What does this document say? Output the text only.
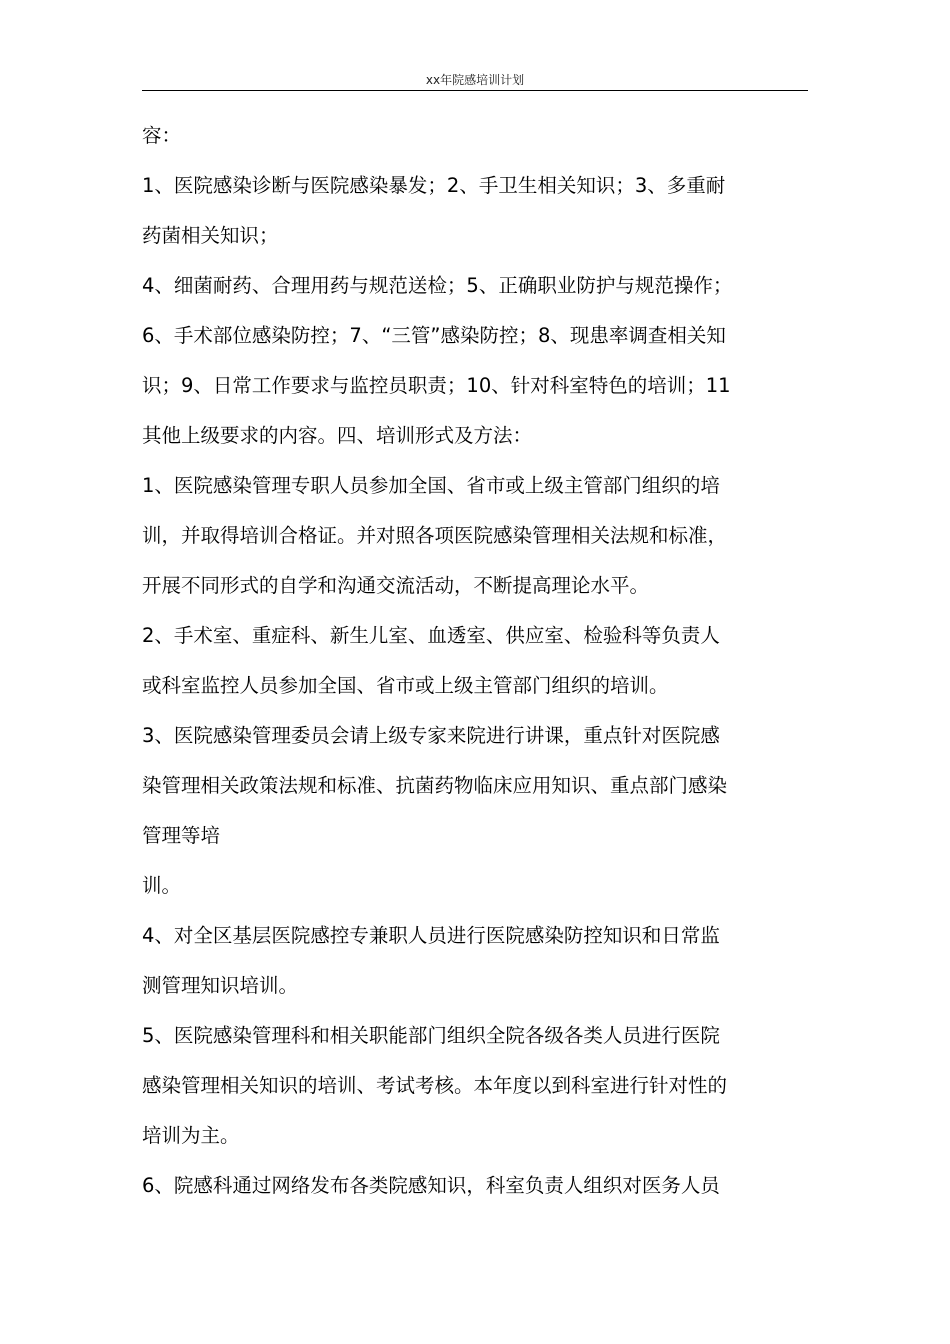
xx年院感培训计划
容：
1、医院感染诊断与医院感染暴发；2、手卫生相关知识；3、多重耐
药菌相关知识；
4、细菌耐药、合理用药与规范送检；5、正确职业防护与规范操作；
6、手术部位感染防控；7、“三管”感染防控；8、现患率调查相关知
识；9、日常工作要求与监控员职责；10、针对科室特色的培训；11
其他上级要求的内容。四、培训形式及方法：
1、医院感染管理专职人员参加全国、省市或上级主管部门组织的培
训，并取得培训合格证。并对照各项医院感染管理相关法规和标准，
开展不同形式的自学和沟通交流活动，不断提高理论水平。
2、手术室、重症科、新生儿室、血透室、供应室、检验科等负责人
或科室监控人员参加全国、省市或上级主管部门组织的培训。
3、医院感染管理委员会请上级专家来院进行讲课，重点针对医院感
染管理相关政策法规和标准、抗菌药物临床应用知识、重点部门感染
管理等培
训。
4、对全区基层医院感控专兼职人员进行医院感染防控知识和日常监
测管理知识培训。
5、医院感染管理科和相关职能部门组织全院各级各类人员进行医院
感染管理相关知识的培训、考试考核。本年度以到科室进行针对性的
培训为主。
6、院感科通过网络发布各类院感知识，科室负责人组织对医务人员
